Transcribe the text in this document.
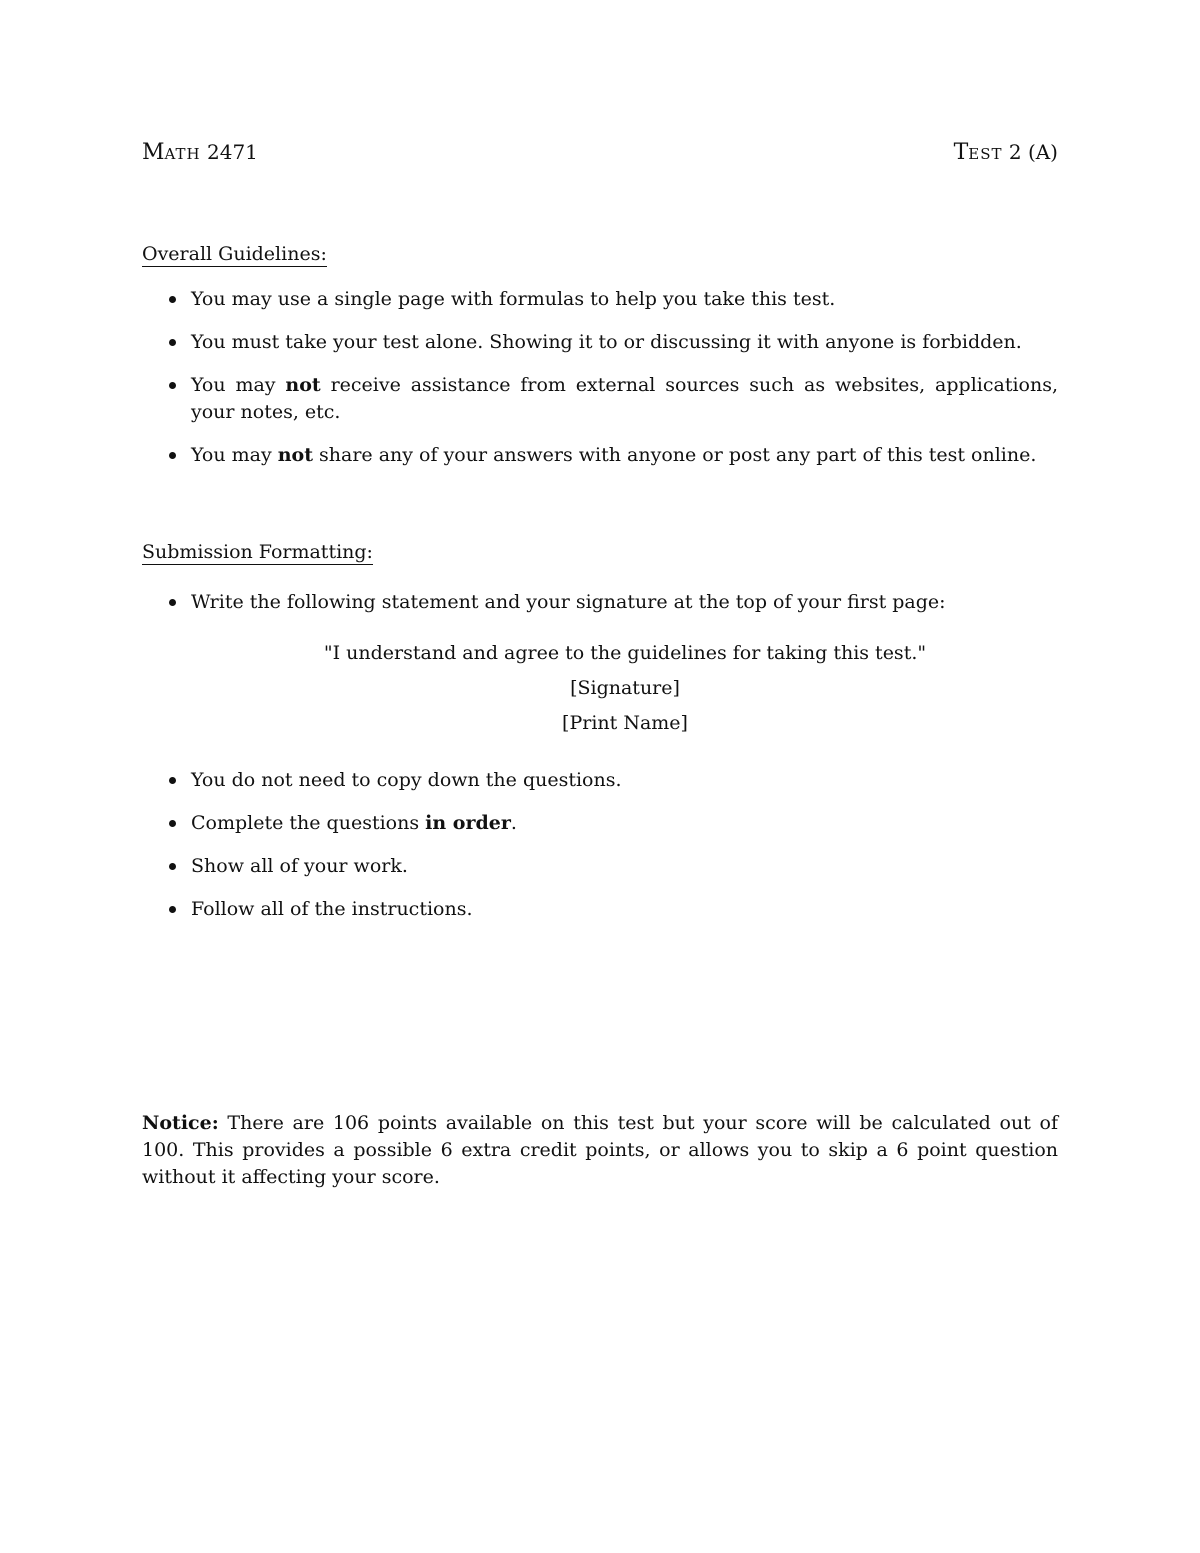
MATH 2471	TEST 2 (A)
Overall Guidelines:
You may use a single page with formulas to help you take this test.
You must take your test alone. Showing it to or discussing it with anyone is forbidden.
You may not receive assistance from external sources such as websites, applications, your notes, etc.
You may not share any of your answers with anyone or post any part of this test online.
Submission Formatting:
Write the following statement and your signature at the top of your first page:
"I understand and agree to the guidelines for taking this test."
[Signature]
[Print Name]
You do not need to copy down the questions.
Complete the questions in order.
Show all of your work.
Follow all of the instructions.
Notice: There are 106 points available on this test but your score will be calculated out of 100. This provides a possible 6 extra credit points, or allows you to skip a 6 point question without it affecting your score.
